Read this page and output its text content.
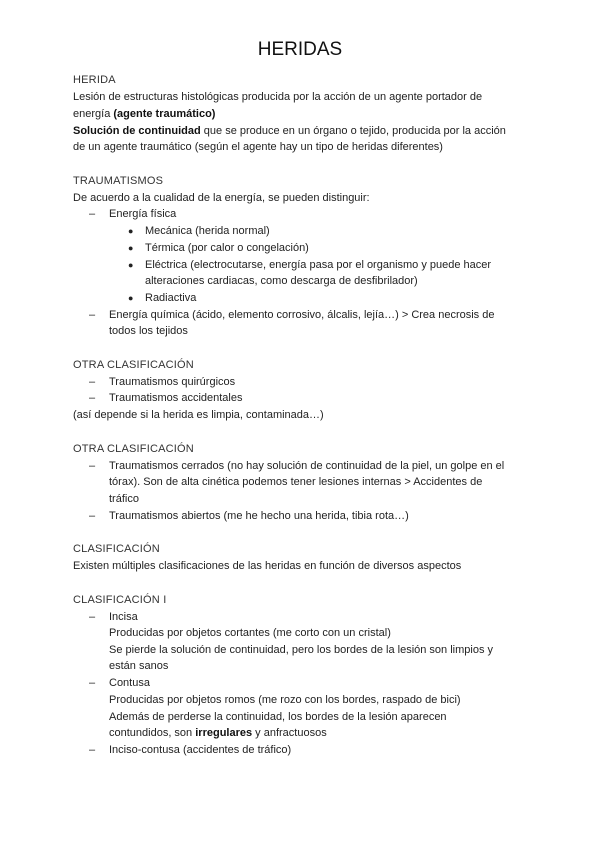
HERIDAS
HERIDA
Lesión de estructuras histológicas producida por la acción de un agente portador de
energía (agente traumático)
Solución de continuidad que se produce en un órgano o tejido, producida por la acción
de un agente traumático (según el agente hay un tipo de heridas diferentes)
TRAUMATISMOS
De acuerdo a la cualidad de la energía, se pueden distinguir:
– Energía física
● Mecánica (herida normal)
● Térmica (por calor o congelación)
● Eléctrica (electrocutarse, energía pasa por el organismo y puede hacer
alteraciones cardiacas, como descarga de desfibrilador)
● Radiactiva
– Energía química (ácido, elemento corrosivo, álcalis, lejía…) > Crea necrosis de
todos los tejidos
OTRA CLASIFICACIÓN
– Traumatismos quirúrgicos
– Traumatismos accidentales
(así depende si la herida es limpia, contaminada…)
OTRA CLASIFICACIÓN
– Traumatismos cerrados (no hay solución de continuidad de la piel, un golpe en el
tórax). Son de alta cinética podemos tener lesiones internas > Accidentes de
tráfico
– Traumatismos abiertos (me he hecho una herida, tibia rota…)
CLASIFICACIÓN
Existen múltiples clasificaciones de las heridas en función de diversos aspectos
CLASIFICACIÓN I
– Incisa
Producidas por objetos cortantes (me corto con un cristal)
Se pierde la solución de continuidad, pero los bordes de la lesión son limpios y
están sanos
– Contusa
Producidas por objetos romos (me rozo con los bordes, raspado de bici)
Además de perderse la continuidad, los bordes de la lesión aparecen
contundidos, son irregulares y anfractuosos
– Inciso-contusa (accidentes de tráfico)
